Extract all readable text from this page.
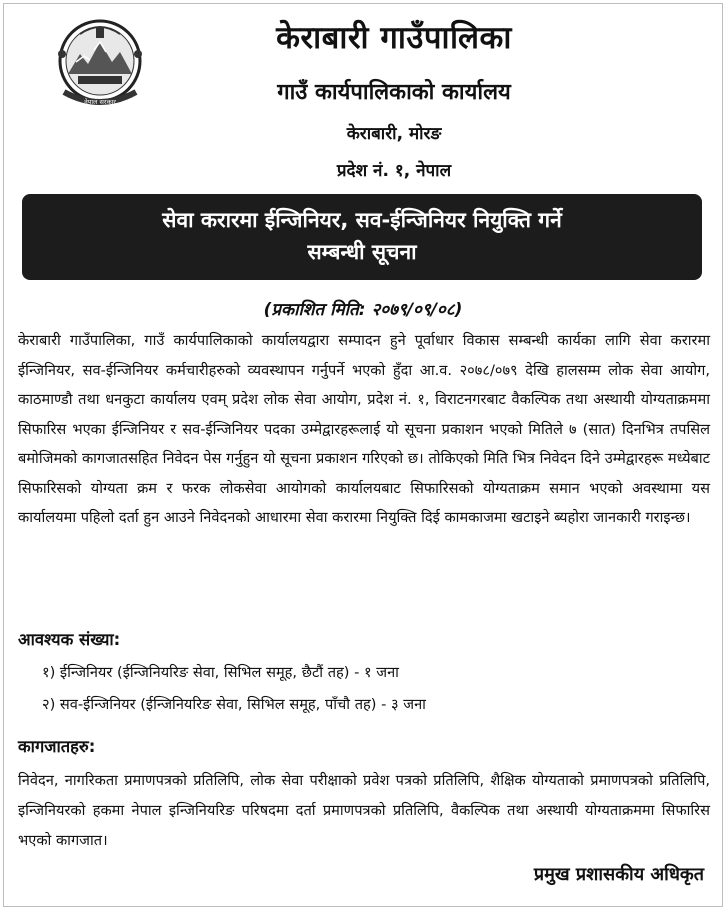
नेपाल सरकार
केराबारी गाउँपालिका
गाउँ कार्यपालिकाको कार्यालय
केराबारी, मोरङ
प्रदेश नं. १, नेपाल
सेवा करारमा ईन्जिनियर, सव-ईन्जिनियर नियुक्ति गर्ने
सम्बन्धी सूचना
(प्रकाशित मिति: २०७९/०९/०८)

केराबारी गाउँपालिका, गाउँ कार्यपालिकाको कार्यालयद्वारा सम्पादन हुने पूर्वाधार विकास सम्बन्धी कार्यका लागि सेवा करारमा ईन्जिनियर, सव-ईन्जिनियर कर्मचारीहरुको व्यवस्थापन गर्नुपर्ने भएको हुँदा आ.व. २०७८/०७९ देखि हालसम्म लोक सेवा आयोग, काठमाण्डौ तथा धनकुटा कार्यालय एवम् प्रदेश लोक सेवा आयोग, प्रदेश नं. १, विराटनगरबाट वैकल्पिक तथा अस्थायी योग्यताक्रममा सिफारिस भएका ईन्जिनियर र सव-ईन्जिनियर पदका उम्मेद्वारहरूलाई यो सूचना प्रकाशन भएको मितिले ७ (सात) दिनभित्र तपसिल बमोजिमको कागजातसहित निवेदन पेस गर्नुहुन यो सूचना प्रकाशन गरिएको छ। तोकिएको मिति भित्र निवेदन दिने उम्मेद्वारहरू मध्येबाट सिफारिसको योग्यता क्रम र फरक लोकसेवा आयोगको कार्यालयबाट सिफारिसको योग्यताक्रम समान भएको अवस्थामा यस कार्यालयमा पहिलो दर्ता हुन आउने निवेदनको आधारमा सेवा करारमा नियुक्ति दिई कामकाजमा खटाइने ब्यहोरा जानकारी गराइन्छ।

आवश्यक संख्या:
१) ईन्जिनियर (ईन्जिनियरिङ सेवा, सिभिल समूह, छैटौं तह) - १ जना
२) सव-ईन्जिनियर (ईन्जिनियरिङ सेवा, सिभिल समूह, पाँचौ तह) - ३ जना
कागजातहरु:

निवेदन, नागरिकता प्रमाणपत्रको प्रतिलिपि, लोक सेवा परीक्षाको प्रवेश पत्रको प्रतिलिपि, शैक्षिक योग्यताको प्रमाणपत्रको प्रतिलिपि, इन्जिनियरको हकमा नेपाल इन्जिनियरिङ परिषदमा दर्ता प्रमाणपत्रको प्रतिलिपि, वैकल्पिक तथा अस्थायी योग्यताक्रममा सिफारिस भएको कागजात।

प्रमुख प्रशासकीय अधिकृत
